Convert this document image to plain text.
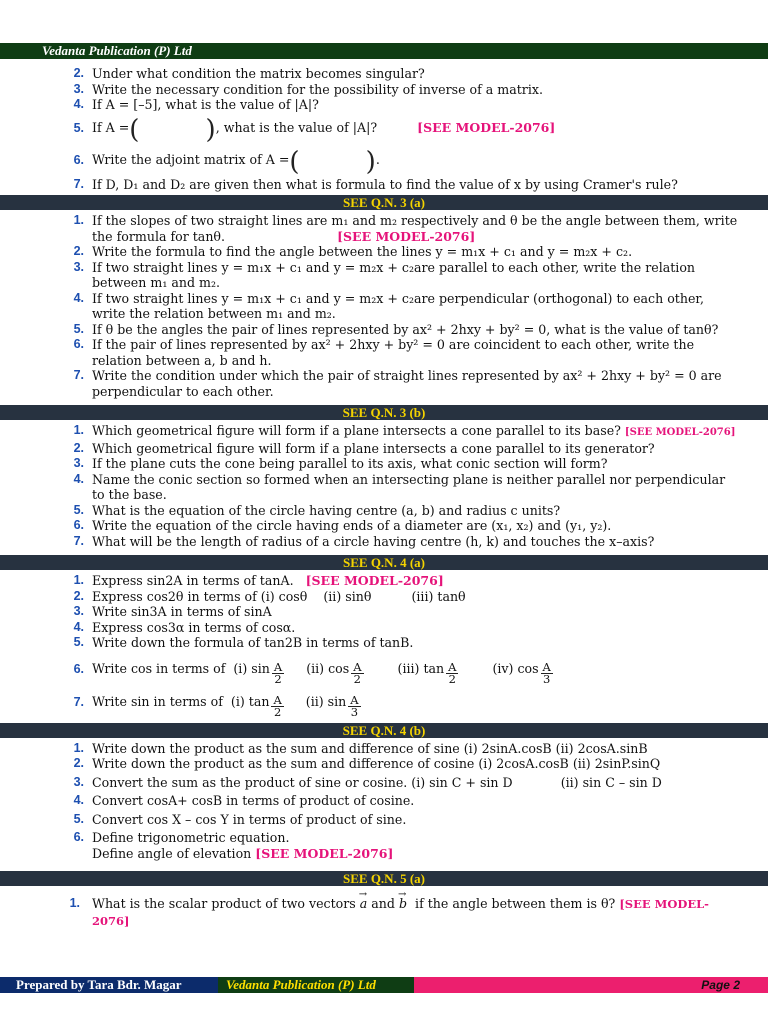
Vedanta Publication (P) Ltd
2. Under what condition the matrix becomes singular?
3. Write the necessary condition for the possibility of inverse of a matrix.
4. If A = [–5], what is the value of |A|?
5. If A =(        ), what is the value of |A|?	[SEE MODEL-2076]
6. Write the adjoint matrix of A =(        ).
7. If D, D₁ and D₂ are given then what is formula to find the value of x by using Cramer's rule?
SEE Q.N. 3 (a)
1. If the slopes of two straight lines are m₁ and m₂ respectively and θ be the angle between them, write
the formula for tanθ.	[SEE MODEL-2076]
2. Write the formula to find the angle between the lines y = m₁x + c₁ and y = m₂x + c₂.
3. If two straight lines y = m₁x + c₁ and y = m₂x + c₂are parallel to each other, write the relation between m₁ and m₂.
4. If two straight lines y = m₁x + c₁ and y = m₂x + c₂are perpendicular (orthogonal) to each other, write the relation between m₁ and m₂.
5. If θ be the angles the pair of lines represented by ax² + 2hxy + by² = 0, what is the value of tanθ?
6. If the pair of lines represented by ax² + 2hxy + by² = 0 are coincident to each other, write the relation between a, b and h.
7. Write the condition under which the pair of straight lines represented by ax² + 2hxy + by² = 0 are perpendicular to each other.
SEE Q.N. 3 (b)
1. Which geometrical figure will form if a plane intersects a cone parallel to its base? [SEE MODEL-2076]
2. Which geometrical figure will form if a plane intersects a cone parallel to its generator?
3. If the plane cuts the cone being parallel to its axis, what conic section will form?
4. Name the conic section so formed when an intersecting plane is neither parallel nor perpendicular to the base.
5. What is the equation of the circle having centre (a, b) and radius c units?
6. Write the equation of the circle having ends of a diameter are (x₁, x₂) and (y₁, y₂).
7. What will be the length of radius of a circle having centre (h, k) and touches the x–axis?
SEE Q.N. 4 (a)
1. Express sin2A in terms of tanA. [SEE MODEL-2076]
2. Express cos2θ in terms of (i) cosθ (ii) sinθ	(iii) tanθ
3. Write sin3A in terms of sinA
4. Express cos3α in terms of cosα.
5. Write down the formula of tan2B in terms of tanB.
6. Write cos in terms of (i) $\sin \frac{A}{2} (ii)$ $\cos \frac{A}{2}$	(iii) $\tan \frac{A}{2}$	(iv) $\cos \frac{A}{3}$
7. Write sin in terms of (i) $\tan \frac{A}{2} (ii)$ $\sin \frac{A}{3}$
SEE Q.N. 4 (b)
1. Write down the product as the sum and difference of sine (i) 2sinA.cosB (ii) 2cosA.sinB
2. Write down the product as the sum and difference of cosine (i) 2cosA.cosB (ii) 2sinP.sinQ
3. Convert the sum as the product of sine or cosine. (i) sin C + sin D	(ii) sin C – sin D
4. Convert cosA+ cosB in terms of product of cosine.
5. Convert cos X – cos Y in terms of product of sine.
6. Define trigonometric equation.
Define angle of elevation [SEE MODEL-2076]
SEE Q.N. 5 (a)
1. What is the scalar product of two vectors → a and → b if the angle between them is θ? [SEE MODEL-2076]
Prepared by Tara Bdr. Magar	Vedanta Publication (P) Ltd	Page 2
